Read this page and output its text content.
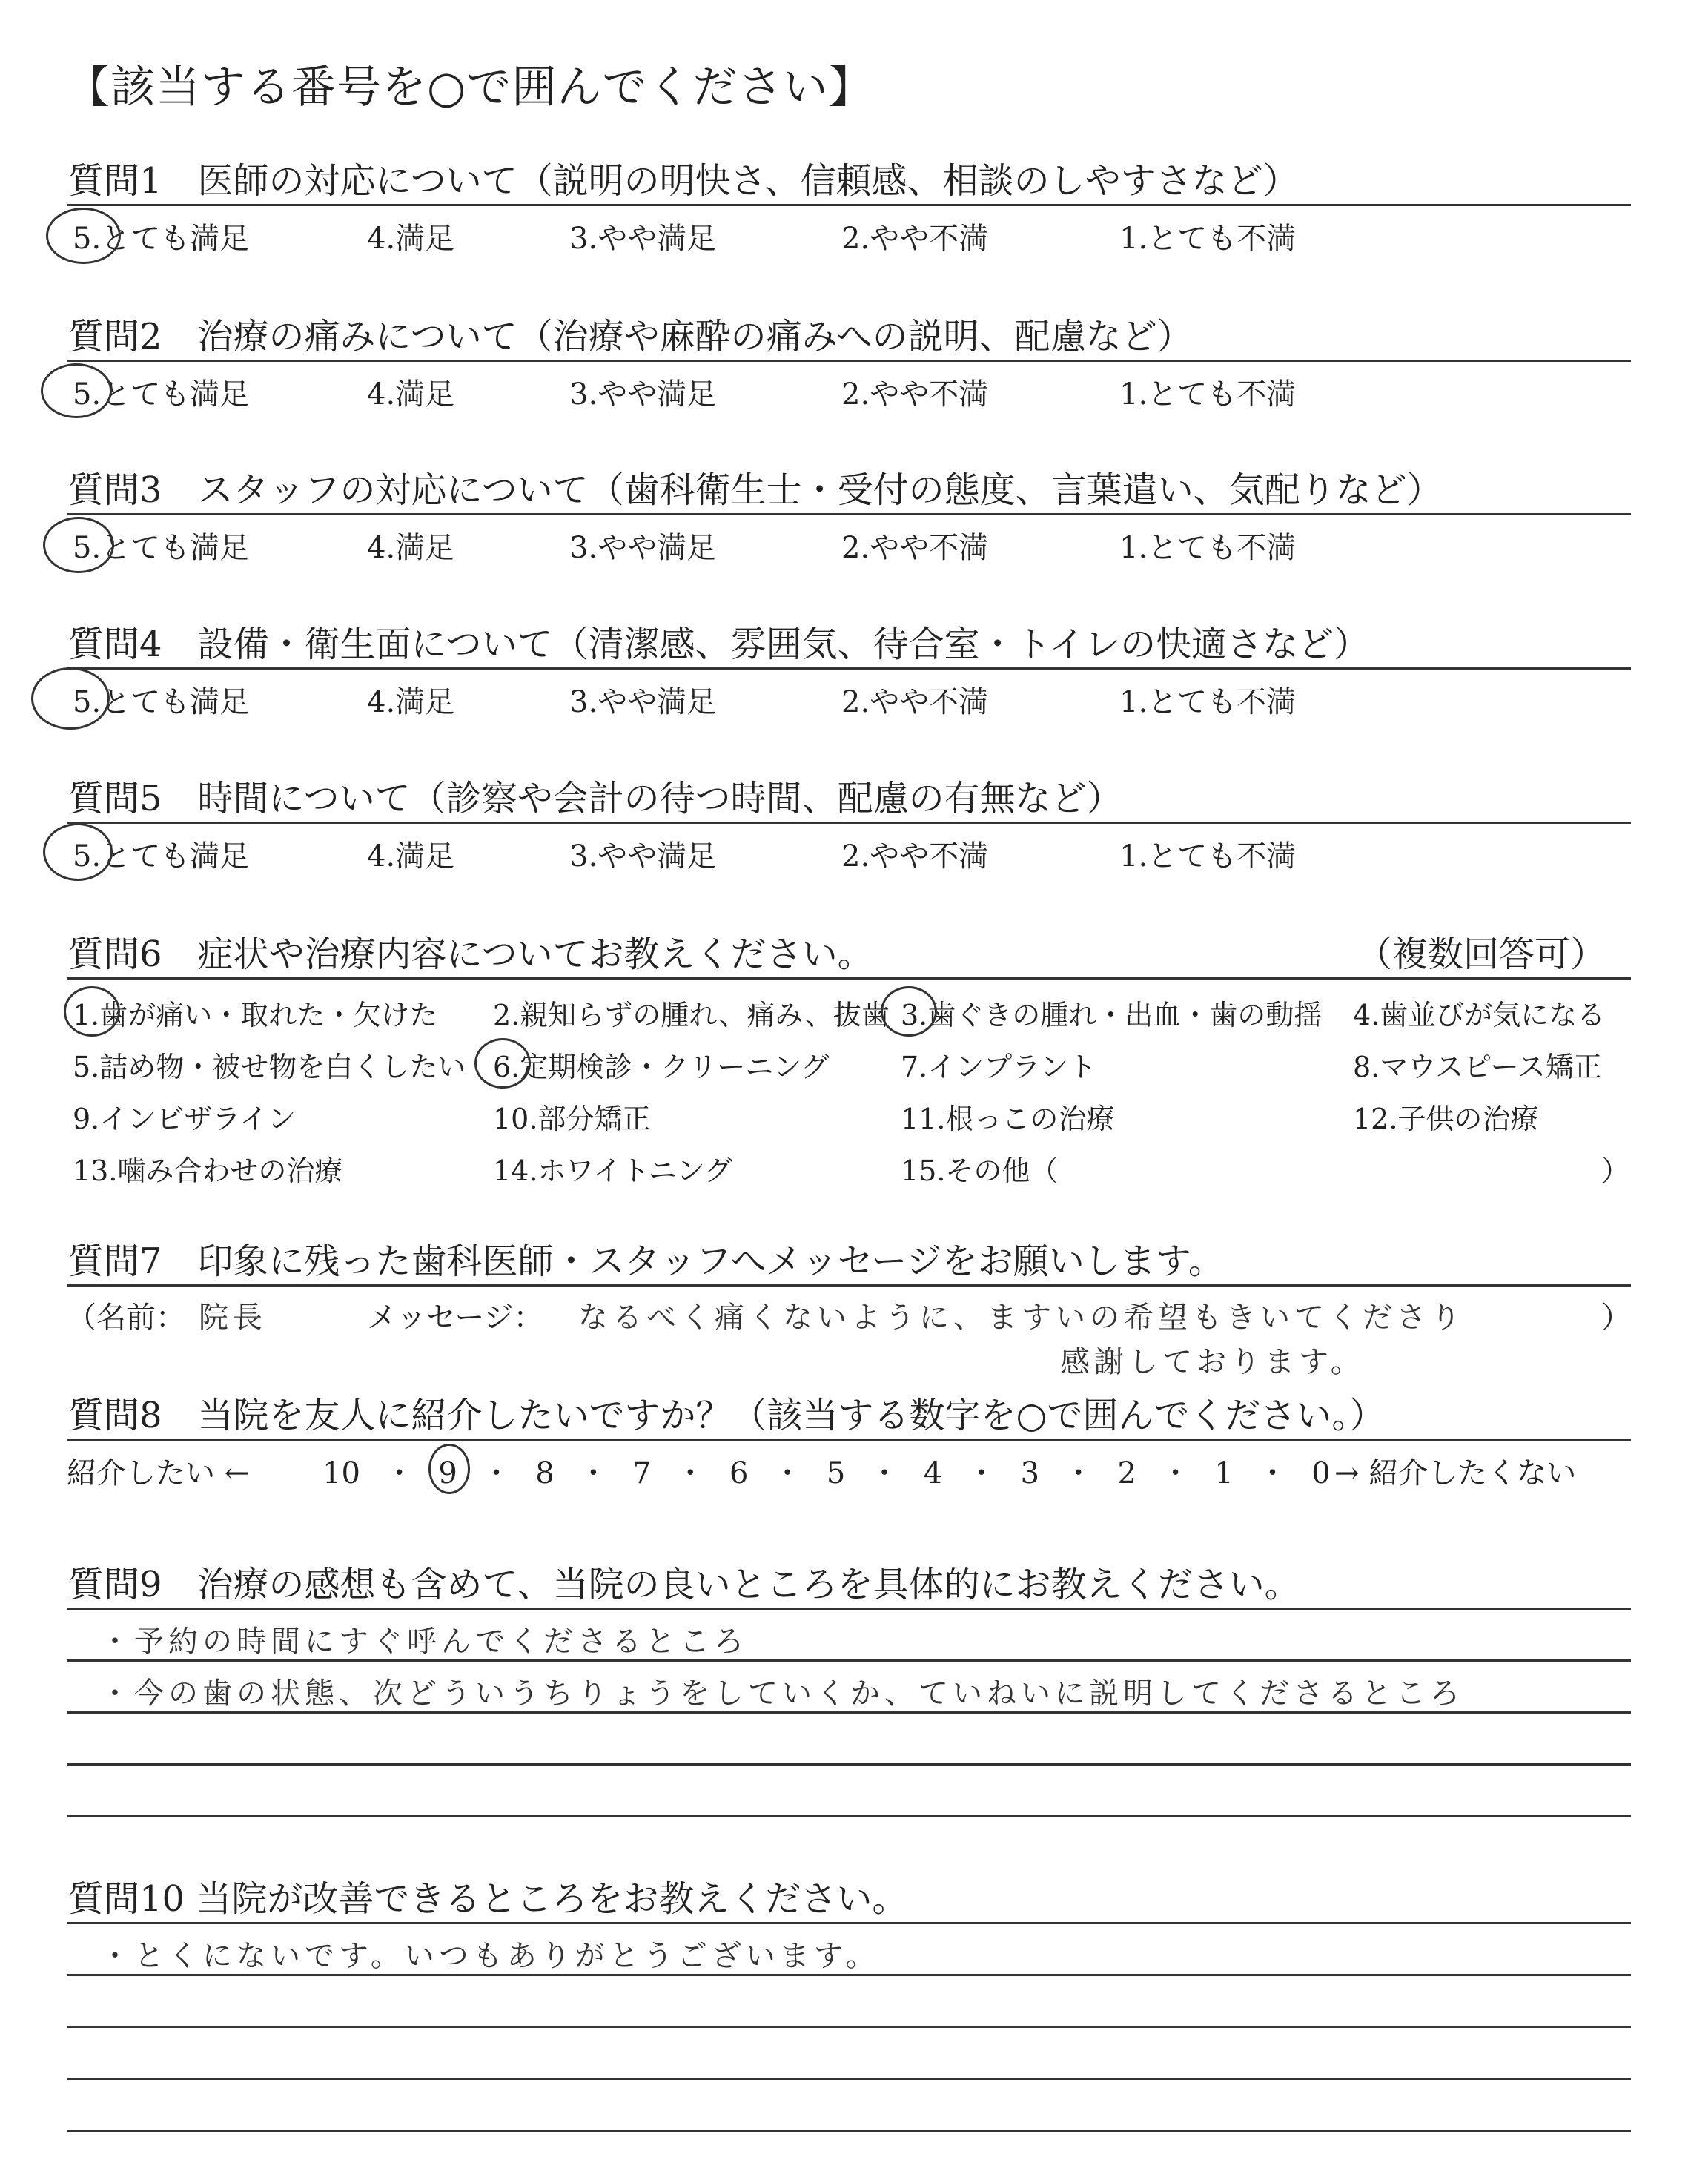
【該当する番号を○で囲んでください】
質問1　医師の対応について（説明の明快さ、信頼感、相談のしやすさなど）
5.とても満足	4.満足	3.やや満足	2.やや不満	1.とても不満
質問2　治療の痛みについて（治療や麻酔の痛みへの説明、配慮など）
5.とても満足	4.満足	3.やや満足	2.やや不満	1.とても不満
質問3　スタッフの対応について（歯科衛生士・受付の態度、言葉遣い、気配りなど）
5.とても満足	4.満足	3.やや満足	2.やや不満	1.とても不満
質問4　設備・衛生面について（清潔感、雰囲気、待合室・トイレの快適さなど）
5.とても満足	4.満足	3.やや満足	2.やや不満	1.とても不満
質問5　時間について（診察や会計の待つ時間、配慮の有無など）
5.とても満足	4.満足	3.やや満足	2.やや不満	1.とても不満
質問6　症状や治療内容についてお教えください。	（複数回答可）
1.歯が痛い・取れた・欠けた 2.親知らずの腫れ、痛み、抜歯 3.歯ぐきの腫れ・出血・歯の動揺 4.歯並びが気になる
5.詰め物・被せ物を白くしたい 6.定期検診・クリーニング	7.インプラント	8.マウスピース矯正
9.インビザライン	10.部分矯正	11.根っこの治療	12.子供の治療
13.噛み合わせの治療	14.ホワイトニング	15.その他（	）
質問7　印象に残った歯科医師・スタッフへメッセージをお願いします。
（名前： 院長	メッセージ： なるべく痛くないように、ますいの希望もきいてくださり	）
感謝しております。
質問8　当院を友人に紹介したいですか？（該当する数字を○で囲んでください。）
紹介したい ← 10 ・ 9 ・ 8 ・ 7 ・ 6 ・ 5 ・ 4 ・ 3 ・ 2 ・ 1 ・ 0 → 紹介したくない
質問9　治療の感想も含めて、当院の良いところを具体的にお教えください。
・予約の時間にすぐ呼んでくださるところ
・今の歯の状態、次どういうちりょうをしていくか、ていねいに説明してくださるところ
質問10 当院が改善できるところをお教えください。
・とくにないです。いつもありがとうございます。
